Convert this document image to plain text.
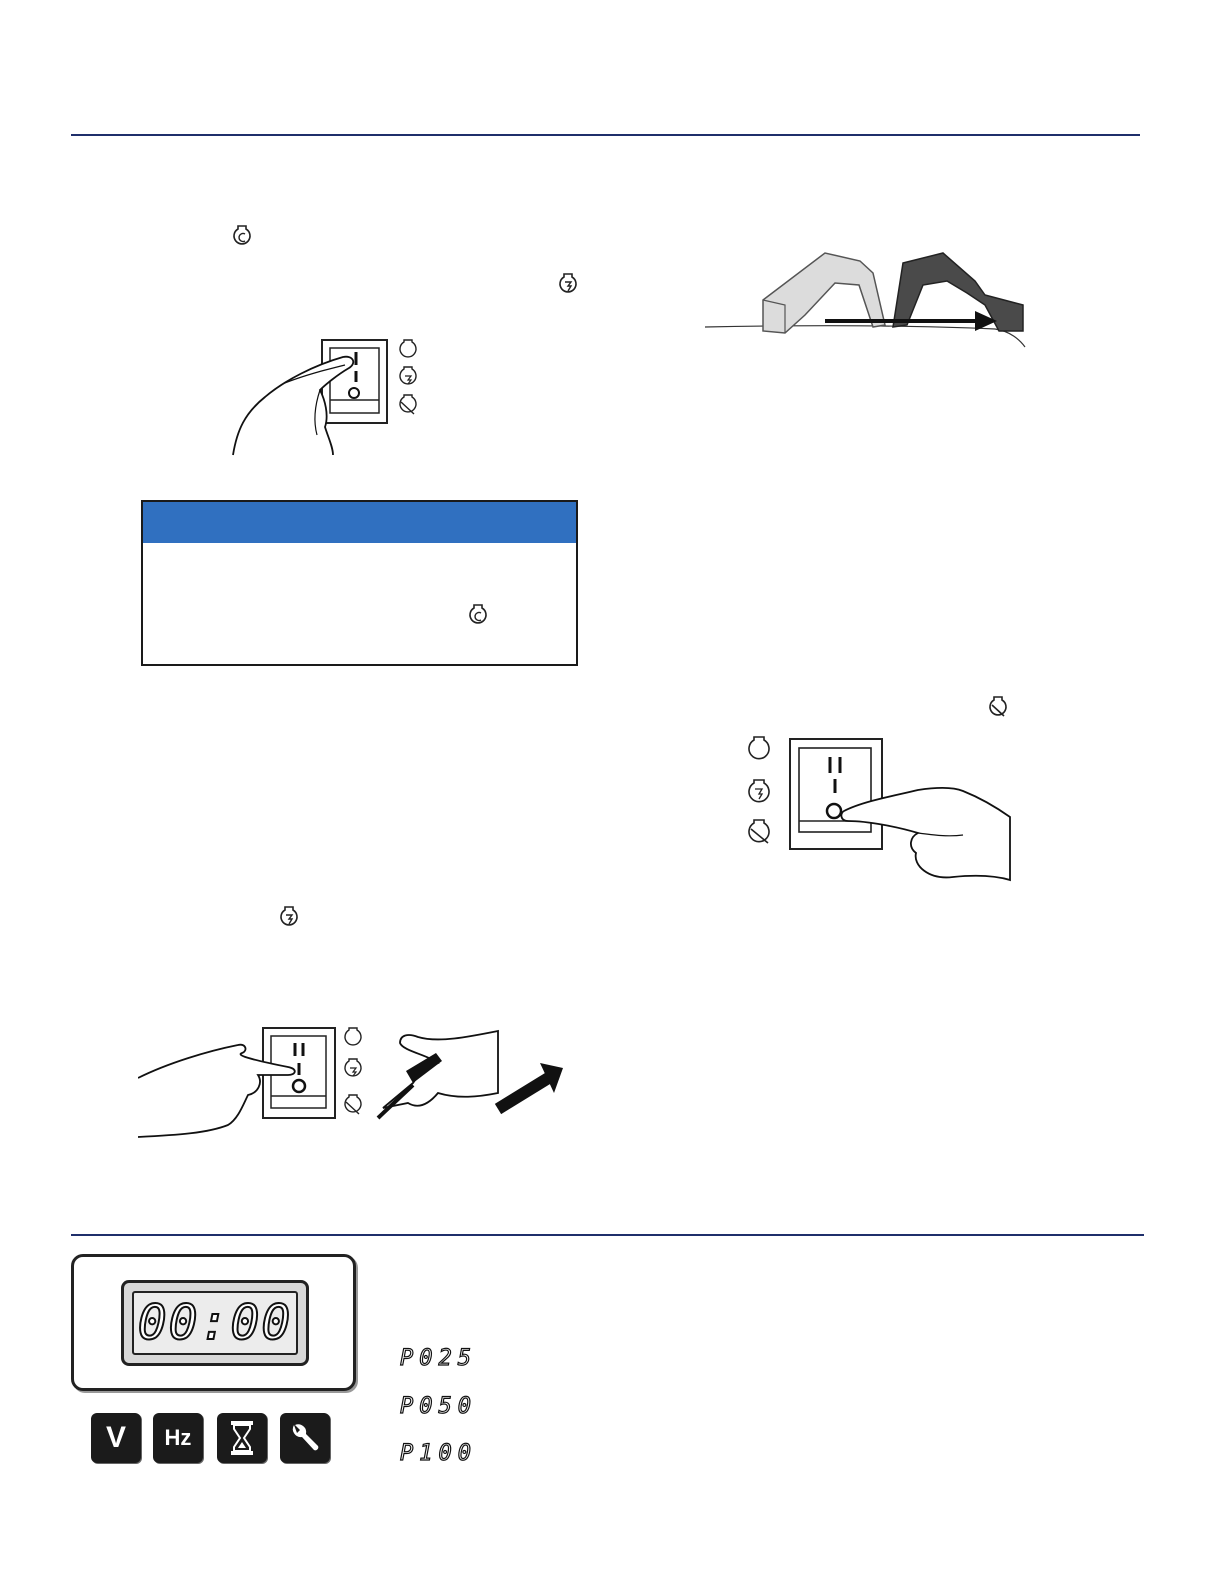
00:00
V Hz
P025
P050
P100
